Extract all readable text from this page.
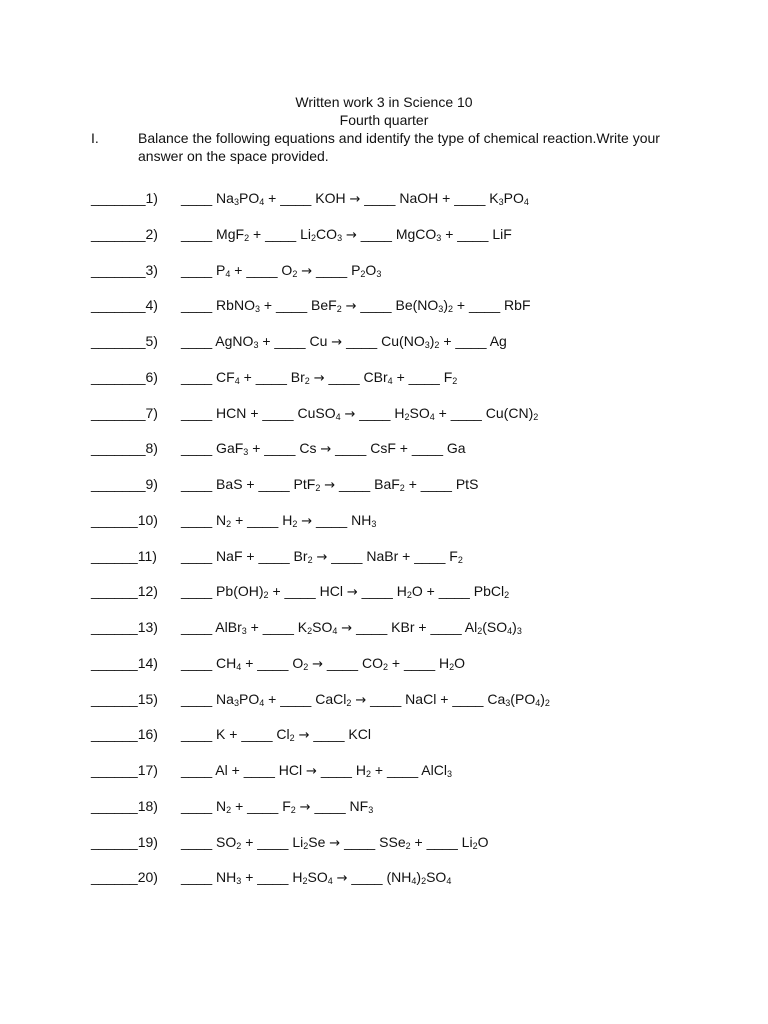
Written work 3 in Science 10
Fourth quarter
I.	Balance the following equations and identify the type of chemical reaction.Write your answer on the space provided.
_______1) ____ $Na_3PO_4$ + ____ KOH → ____ NaOH + ____ $K_3PO_4$
_______2) ____ MgF$_2$ + ____ $Li_2CO_3$ → ____ MgCO$_3$ + ____ LiF
_______3) ____ $P_4$ + ____ $O_2$ → ____ $P_2O_3$
_______4) ____ RbNO$_3$ + ____ BeF$_2$ → ____ $Be(NO_3)_2$ + ____ RbF
_______5) ____ AgNO$_3$ + ____ Cu → ____ $Cu(NO_3)_2$ + ____ Ag
_______6) ____ $CF_4$ + ____ $Br_2$ → ____ CBr$_4$ + ____ $F_2$
_______7) ____ HCN + ____ CuSO$_4$ → ____ $H_2SO_4$ + ____ $Cu(CN)_2$
_______8) ____ GaF$_3$ + ____ Cs → ____ CsF + ____ Ga
_______9) ____ BaS + ____ PtF$_2$ → ____ BaF$_2$ + ____ PtS
______10) ____ $N_2$ + ____ $H_2$ → ____ $NH_3$
______11) ____ NaF + ____ $Br_2$ → ____ NaBr + ____ $F_2$
______12) ____ $Pb(OH)_2$ + ____ HCl → ____ $H_2O$ + ____ PbCl$_2$
______13) ____ AlBr$_3$ + ____ $K_2SO_4$ → ____ KBr + ____ $Al_2(SO_4)_3$
______14) ____ $CH_4$ + ____ $O_2$ → ____ $CO_2$ + ____ $H_2O$
______15) ____ $Na_3PO_4$ + ____ CaCl$_2$ → ____ NaCl + ____ $Ca_3(PO_4)_2$
______16) ____ K + ____ $Cl_2$ → ____ KCl
______17) ____ Al + ____ HCl → ____ $H_2$ + ____ AlCl$_3$
______18) ____ $N_2$ + ____ $F_2$ → ____ $NF_3$
______19) ____ $SO_2$ + ____ $Li_2Se$ → ____ SSe$_2$ + ____ $Li_2O$
______20) ____ $NH_3$ + ____ $H_2SO_4$ → ____ $(NH_4)_2SO_4$
